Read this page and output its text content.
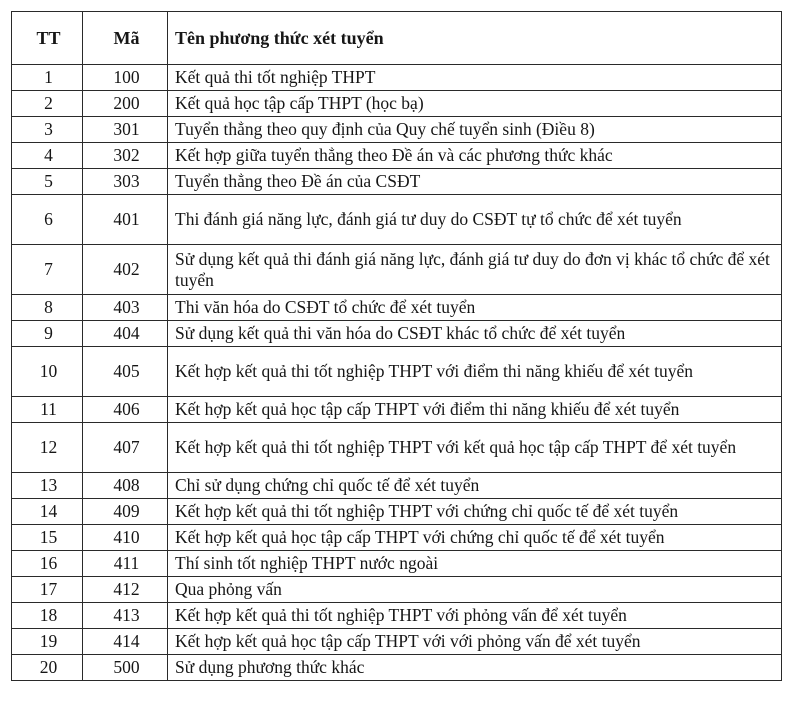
TT	Mã	Tên phương thức xét tuyển
1	100	Kết quả thi tốt nghiệp THPT
2	200	Kết quả học tập cấp THPT (học bạ)
3	301	Tuyển thẳng theo quy định của Quy chế tuyển sinh (Điều 8)
4	302	Kết hợp giữa tuyển thẳng theo Đề án và các phương thức khác
5	303	Tuyển thẳng theo Đề án của CSĐT
6	401	Thi đánh giá năng lực, đánh giá tư duy do CSĐT tự tổ chức để xét tuyển
7	402	Sử dụng kết quả thi đánh giá năng lực, đánh giá tư duy do đơn vị khác tổ chức để xét tuyển
8	403	Thi văn hóa do CSĐT tổ chức để xét tuyển
9	404	Sử dụng kết quả thi văn hóa do CSĐT khác tổ chức để xét tuyển
10	405	Kết hợp kết quả thi tốt nghiệp THPT với điểm thi năng khiếu để xét tuyển
11	406	Kết hợp kết quả học tập cấp THPT với điểm thi năng khiếu để xét tuyển
12	407	Kết hợp kết quả thi tốt nghiệp THPT với kết quả học tập cấp THPT để xét tuyển
13	408	Chỉ sử dụng chứng chỉ quốc tế để xét tuyển
14	409	Kết hợp kết quả thi tốt nghiệp THPT với chứng chỉ quốc tế để xét tuyển
15	410	Kết hợp kết quả học tập cấp THPT với chứng chỉ quốc tế để xét tuyển
16	411	Thí sinh tốt nghiệp THPT nước ngoài
17	412	Qua phỏng vấn
18	413	Kết hợp kết quả thi tốt nghiệp THPT với phỏng vấn để xét tuyển
19	414	Kết hợp kết quả học tập cấp THPT với với phỏng vấn để xét tuyển
20	500	Sử dụng phương thức khác
